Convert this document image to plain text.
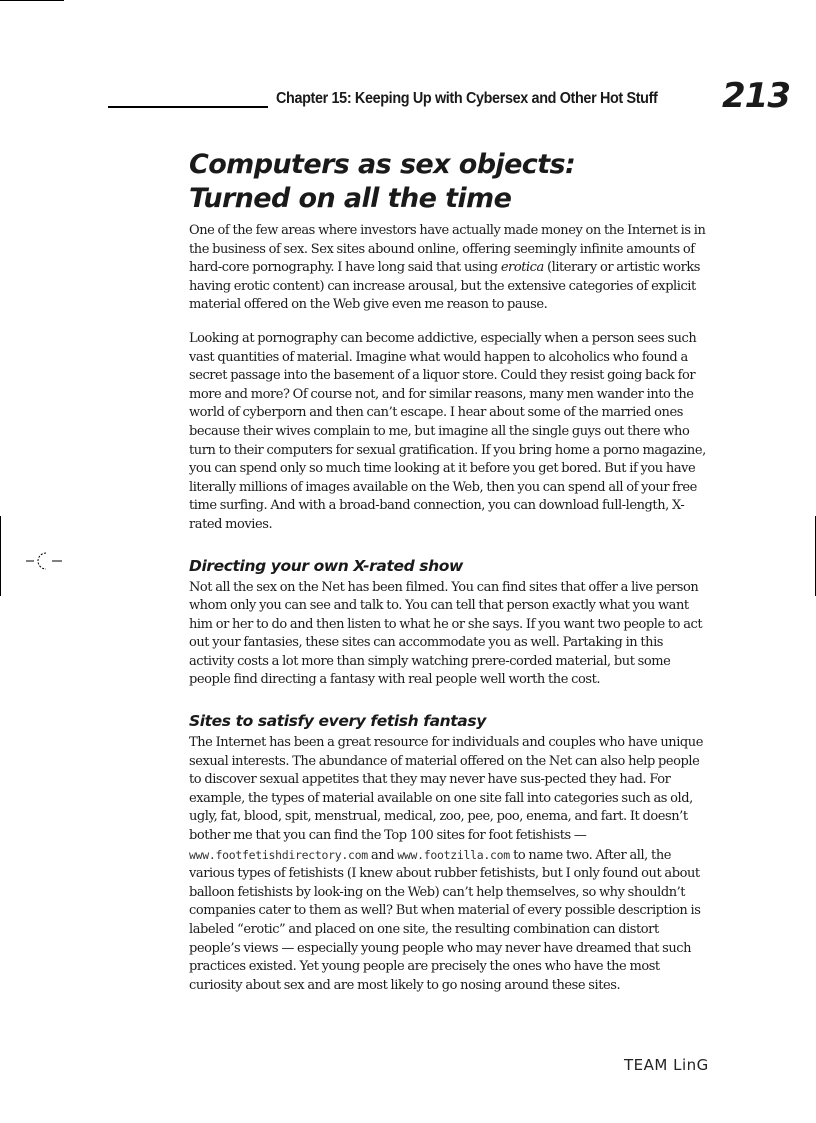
Chapter 15: Keeping Up with Cybersex and Other Hot Stuff 213
Computers as sex objects:
Turned on all the time

One of the few areas where investors have actually made money on the Internet is in the business of sex. Sex sites abound online, offering seemingly infinite amounts of hard-core pornography. I have long said that using erotica (literary or artistic works having erotic content) can increase arousal, but the extensive categories of explicit material offered on the Web give even me reason to pause.

Looking at pornography can become addictive, especially when a person sees such vast quantities of material. Imagine what would happen to alcoholics who found a secret passage into the basement of a liquor store. Could they resist going back for more and more? Of course not, and for similar reasons, many men wander into the world of cyberporn and then can’t escape. I hear about some of the married ones because their wives complain to me, but imagine all the single guys out there who turn to their computers for sexual gratification. If you bring home a porno magazine, you can spend only so much time looking at it before you get bored. But if you have literally millions of images available on the Web, then you can spend all of your free time surfing. And with a broad-band connection, you can download full-length, X-rated movies.

Directing your own X-rated show

Not all the sex on the Net has been filmed. You can find sites that offer a live person whom only you can see and talk to. You can tell that person exactly what you want him or her to do and then listen to what he or she says. If you want two people to act out your fantasies, these sites can accommodate you as well. Partaking in this activity costs a lot more than simply watching prere-corded material, but some people find directing a fantasy with real people well worth the cost.

Sites to satisfy every fetish fantasy

The Internet has been a great resource for individuals and couples who have unique sexual interests. The abundance of material offered on the Net can also help people to discover sexual appetites that they may never have sus-pected they had. For example, the types of material available on one site fall into categories such as old, ugly, fat, blood, spit, menstrual, medical, zoo, pee, poo, enema, and fart. It doesn’t bother me that you can find the Top 100 sites for foot fetishists — www.footfetishdirectory.com and www.footzilla.com to name two. After all, the various types of fetishists (I knew about rubber fetishists, but I only found out about balloon fetishists by look-ing on the Web) can’t help themselves, so why shouldn’t companies cater to them as well? But when material of every possible description is labeled “erotic” and placed on one site, the resulting combination can distort people’s views — especially young people who may never have dreamed that such practices existed. Yet young people are precisely the ones who have the most curiosity about sex and are most likely to go nosing around these sites.

TEAM LinG
